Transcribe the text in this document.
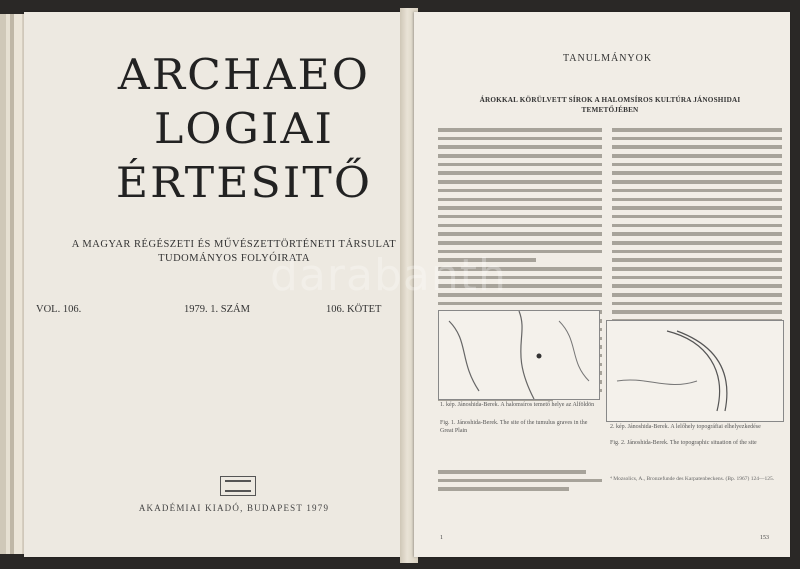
ARCHAEO
LOGIAI
ÉRTESITŐ
A MAGYAR RÉGÉSZETI ÉS MŰVÉSZETTÖRTÉNETI TÁRSULAT
TUDOMÁNYOS FOLYÓIRATA
VOL. 106.	1979. 1. SZÁM	106. KÖTET
AKADÉMIAI KIADÓ, BUDAPEST 1979
TANULMÁNYOK
ÁROKKAL KÖRÜLVETT SÍROK A HALOMSÍROS KULTÚRA JÁNOSHIDAI
TEMETŐJÉBEN
1. kép. Jánoshida-Berek. A halomsíros temető helye az Alföldön
Fig. 1. Jánoshida-Berek. The site of the tumulus graves in the Great Plain
2. kép. Jánoshida-Berek. A lelőhely topográfiai elhelyezkedése
Fig. 2. Jánoshida-Berek. The topographic situation of the site
⁴ Mozsolics, A., Bronzefunde des Karpatenbeckens. (Bp. 1967) 124—125.
1	153
darabanth
